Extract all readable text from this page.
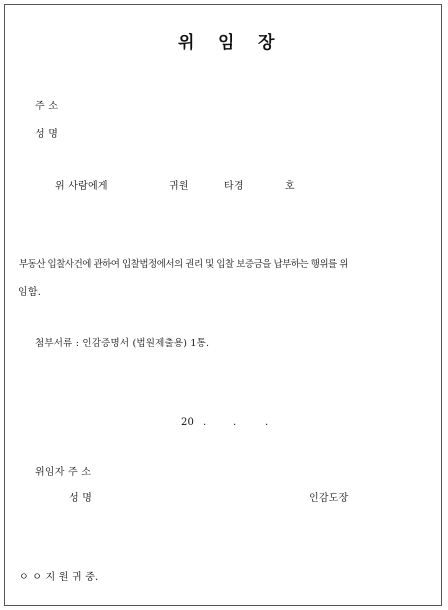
위 임 장
주 소
성 명
위 사람에게	귀원	타경	호
부동산 입찰사건에 관하여 입찰법정에서의 권리 및 입찰 보증금을 납부하는 행위를 위
임함.
첨부서류 : 인감증명서 (법원제출용) 1통.
20 .	.	.
위임자 주 소
성 명	인감도장
ㅇ ㅇ 지 원 귀 중.
